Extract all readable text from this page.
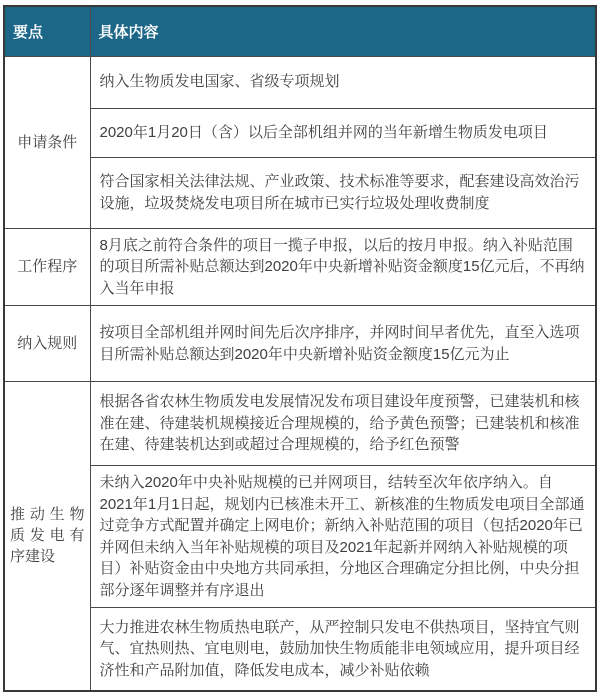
要点	具体内容
申请条件	纳入生物质发电国家、省级专项规划
	2020年1月20日（含）以后全部机组并网的当年新增生物质发电项目
	符合国家相关法律法规、产业政策、技术标准等要求，配套建设高效治污设施，垃圾焚烧发电项目所在城市已实行垃圾处理收费制度
工作程序	8月底之前符合条件的项目一揽子申报，以后的按月申报。纳入补贴范围的项目所需补贴总额达到2020年中央新增补贴资金额度15亿元后，不再纳入当年申报
纳入规则	按项目全部机组并网时间先后次序排序，并网时间早者优先，直至入选项目所需补贴总额达到2020年中央新增补贴资金额度15亿元为止
推动生物质发电有序建设	根据各省农林生物质发电发展情况发布项目建设年度预警，已建装机和核准在建、待建装机规模接近合理规模的，给予黄色预警；已建装机和核准在建、待建装机达到或超过合理规模的，给予红色预警
	未纳入2020年中央补贴规模的已并网项目，结转至次年依序纳入。自2021年1月1日起，规划内已核准未开工、新核准的生物质发电项目全部通过竞争方式配置并确定上网电价；新纳入补贴范围的项目（包括2020年已并网但未纳入当年补贴规模的项目及2021年起新并网纳入补贴规模的项目）补贴资金由中央地方共同承担，分地区合理确定分担比例，中央分担部分逐年调整并有序退出
	大力推进农林生物质热电联产，从严控制只发电不供热项目，坚持宜气则气、宜热则热、宜电则电，鼓励加快生物质能非电领域应用，提升项目经济性和产品附加值，降低发电成本，减少补贴依赖
